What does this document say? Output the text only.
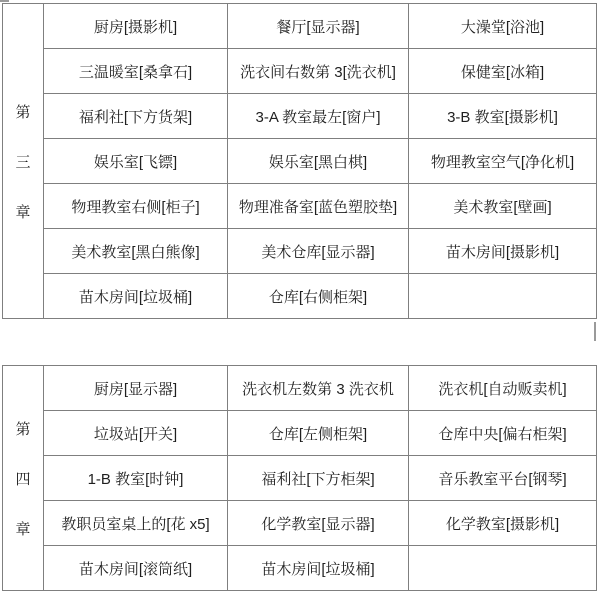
第
三
章	厨房[摄影机]	餐厅[显示器]	大澡堂[浴池]
	三温暖室[桑拿石]	洗衣间右数第 3[洗衣机]	保健室[冰箱]
	福利社[下方货架]	3-A 教室最左[窗户]	3-B 教室[摄影机]
	娱乐室[飞镖]	娱乐室[黑白棋]	物理教室空气[净化机]
	物理教室右侧[柜子]	物理准备室[蓝色塑胶垫]	美术教室[壁画]
	美术教室[黑白熊像]	美术仓库[显示器]	苗木房间[摄影机]
	苗木房间[垃圾桶]	仓库[右侧柜架]	
第
四
章	厨房[显示器]	洗衣机左数第 3 洗衣机	洗衣机[自动贩卖机]
	垃圾站[开关]	仓库[左侧柜架]	仓库中央[偏右柜架]
	1-B 教室[时钟]	福利社[下方柜架]	音乐教室平台[钢琴]
	教职员室桌上的[花 x5]	化学教室[显示器]	化学教室[摄影机]
	苗木房间[滚筒纸]	苗木房间[垃圾桶]	
